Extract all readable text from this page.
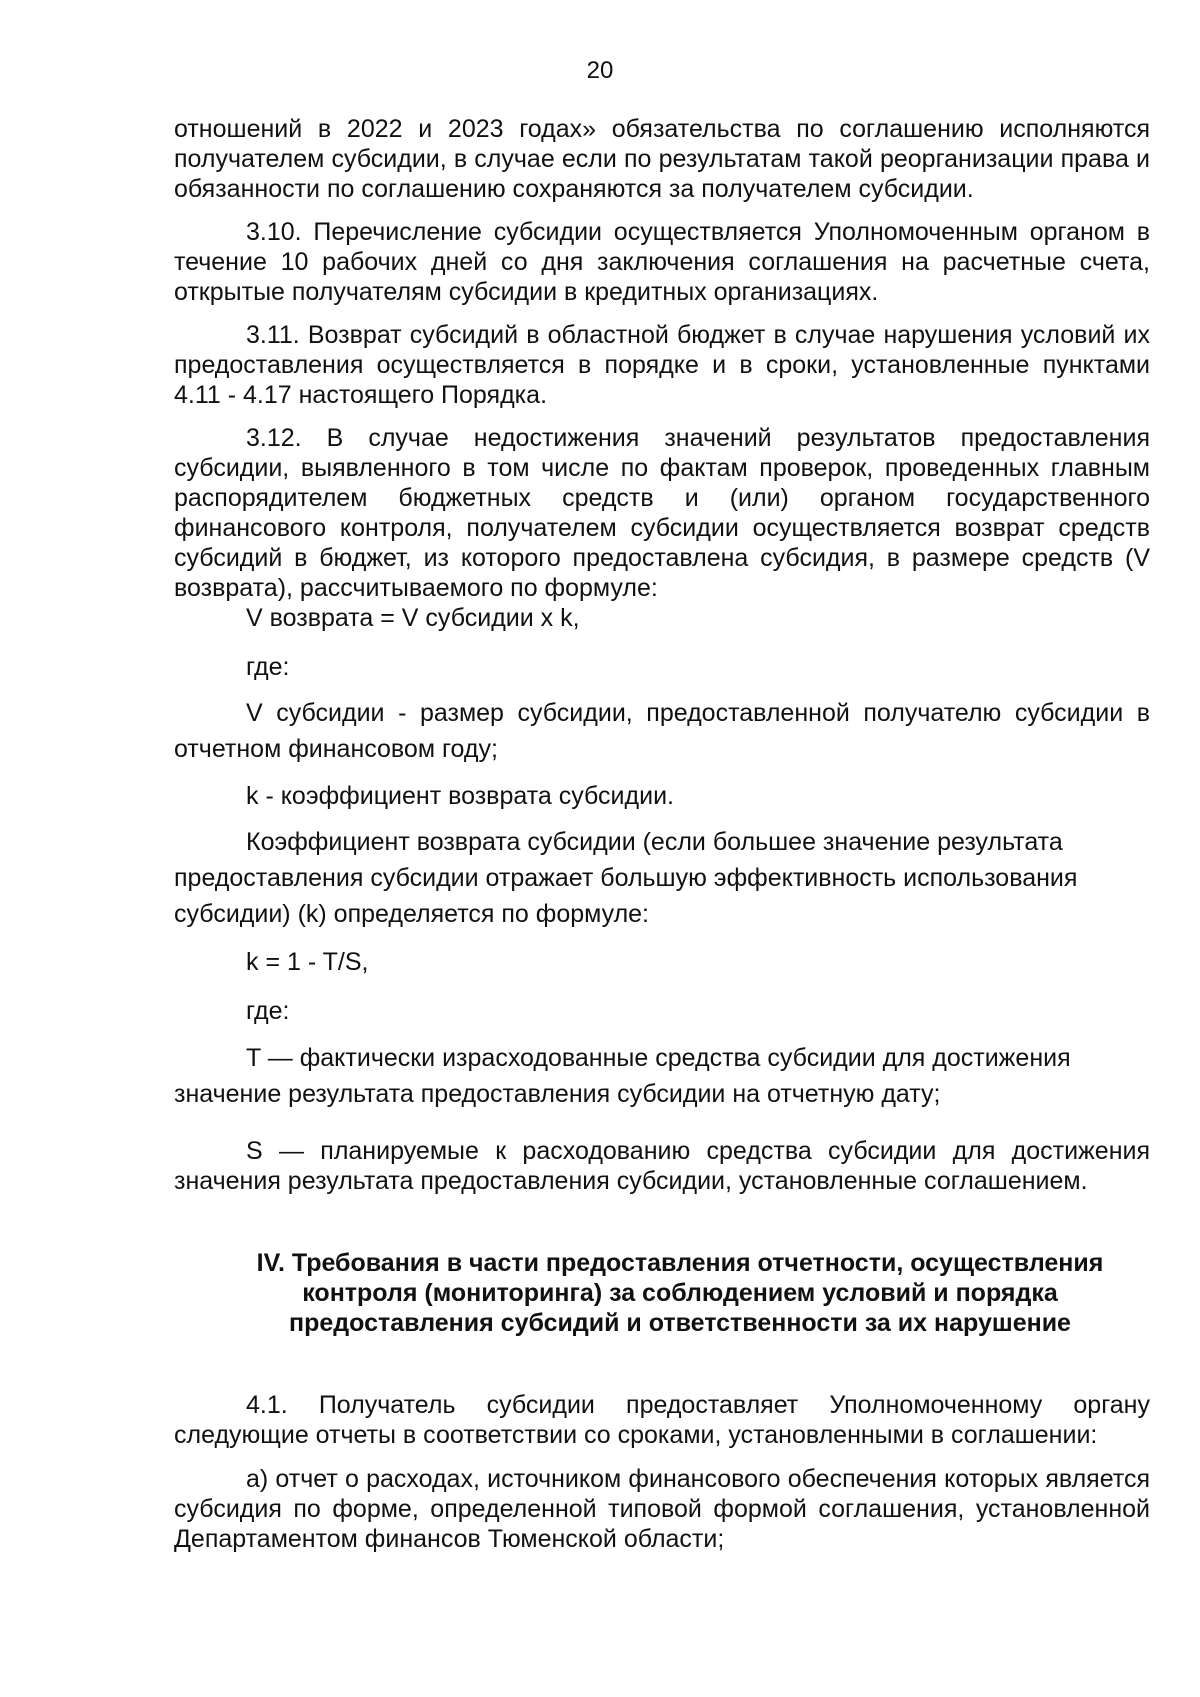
20

отношений в 2022 и 2023 годах» обязательства по соглашению исполняются получателем субсидии, в случае если по результатам такой реорганизации права и обязанности по соглашению сохраняются за получателем субсидии.

3.10. Перечисление субсидии осуществляется Уполномоченным органом в течение 10 рабочих дней со дня заключения соглашения на расчетные счета, открытые получателям субсидии в кредитных организациях.

3.11. Возврат субсидий в областной бюджет в случае нарушения условий их предоставления осуществляется в порядке и в сроки, установленные пунктами 4.11 - 4.17 настоящего Порядка.

3.12. В случае недостижения значений результатов предоставления субсидии, выявленного в том числе по фактам проверок, проведенных главным распорядителем бюджетных средств и (или) органом государственного финансового контроля, получателем субсидии осуществляется возврат средств субсидий в бюджет, из которого предоставлена субсидия, в размере средств (V возврата), рассчитываемого по формуле:

V возврата = V субсидии x k,

где:

V субсидии - размер субсидии, предоставленной получателю субсидии в отчетном финансовом году;

k - коэффициент возврата субсидии.

Коэффициент возврата субсидии (если большее значение результата предоставления субсидии отражает большую эффективность использования субсидии) (k) определяется по формуле:

k = 1 - T/S,

где:

T — фактически израсходованные средства субсидии для достижения значение результата предоставления субсидии на отчетную дату;

S — планируемые к расходованию средства субсидии для достижения значения результата предоставления субсидии, установленные соглашением.

IV. Требования в части предоставления отчетности, осуществления контроля (мониторинга) за соблюдением условий и порядка предоставления субсидий и ответственности за их нарушение

4.1. Получатель субсидии предоставляет Уполномоченному органу следующие отчеты в соответствии со сроками, установленными в соглашении:

а) отчет о расходах, источником финансового обеспечения которых является субсидия по форме, определенной типовой формой соглашения, установленной Департаментом финансов Тюменской области;
